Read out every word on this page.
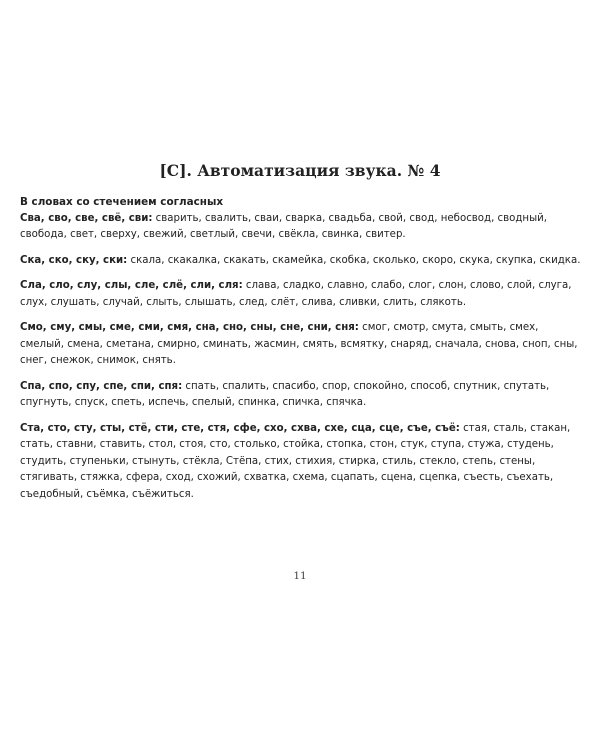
[С]. Автоматизация звука. № 4

В словах со стечением согласных

Сва, сво, све, свё, сви: сварить, свалить, сваи, сварка, свадьба, свой, свод, небосвод, сводный, свобода, свет, сверху, свежий, светлый, свечи, свёкла, свинка, свитер.

Ска, ско, ску, ски: скала, скакалка, скакать, скамейка, скобка, сколько, скоро, скука, скупка, скидка.

Сла, сло, слу, слы, сле, слё, сли, сля: слава, сладко, славно, слабо, слог, слон, слово, слой, слуга, слух, слушать, случай, слыть, слышать, след, слёт, слива, сливки, слить, слякоть.

Смо, сму, смы, сме, сми, смя, сна, сно, сны, сне, сни, сня: смог, смотр, смута, смыть, смех, смелый, смена, сметана, смирно, сминать, жасмин, смять, всмятку, снаряд, сначала, снова, сноп, сны, снег, снежок, снимок, снять.

Спа, спо, спу, спе, спи, спя: спать, спалить, спасибо, спор, спокойно, способ, спутник, спутать, спугнуть, спуск, спеть, испечь, спелый, спинка, спичка, спячка.

Ста, сто, сту, сты, стё, сти, сте, стя, сфе, схо, схва, схе, сца, сце, съе, съё: стая, сталь, стакан, стать, ставни, ставить, стол, стоя, сто, столько, стойка, стопка, стон, стук, ступа, стужа, студень, студить, ступеньки, стынуть, стёкла, Стёпа, стих, стихия, стирка, стиль, стекло, степь, стены, стягивать, стяжка, сфера, сход, схожий, схватка, схема, сцапать, сцена, сцепка, съесть, съехать, съедобный, съёмка, съёжиться.

11
